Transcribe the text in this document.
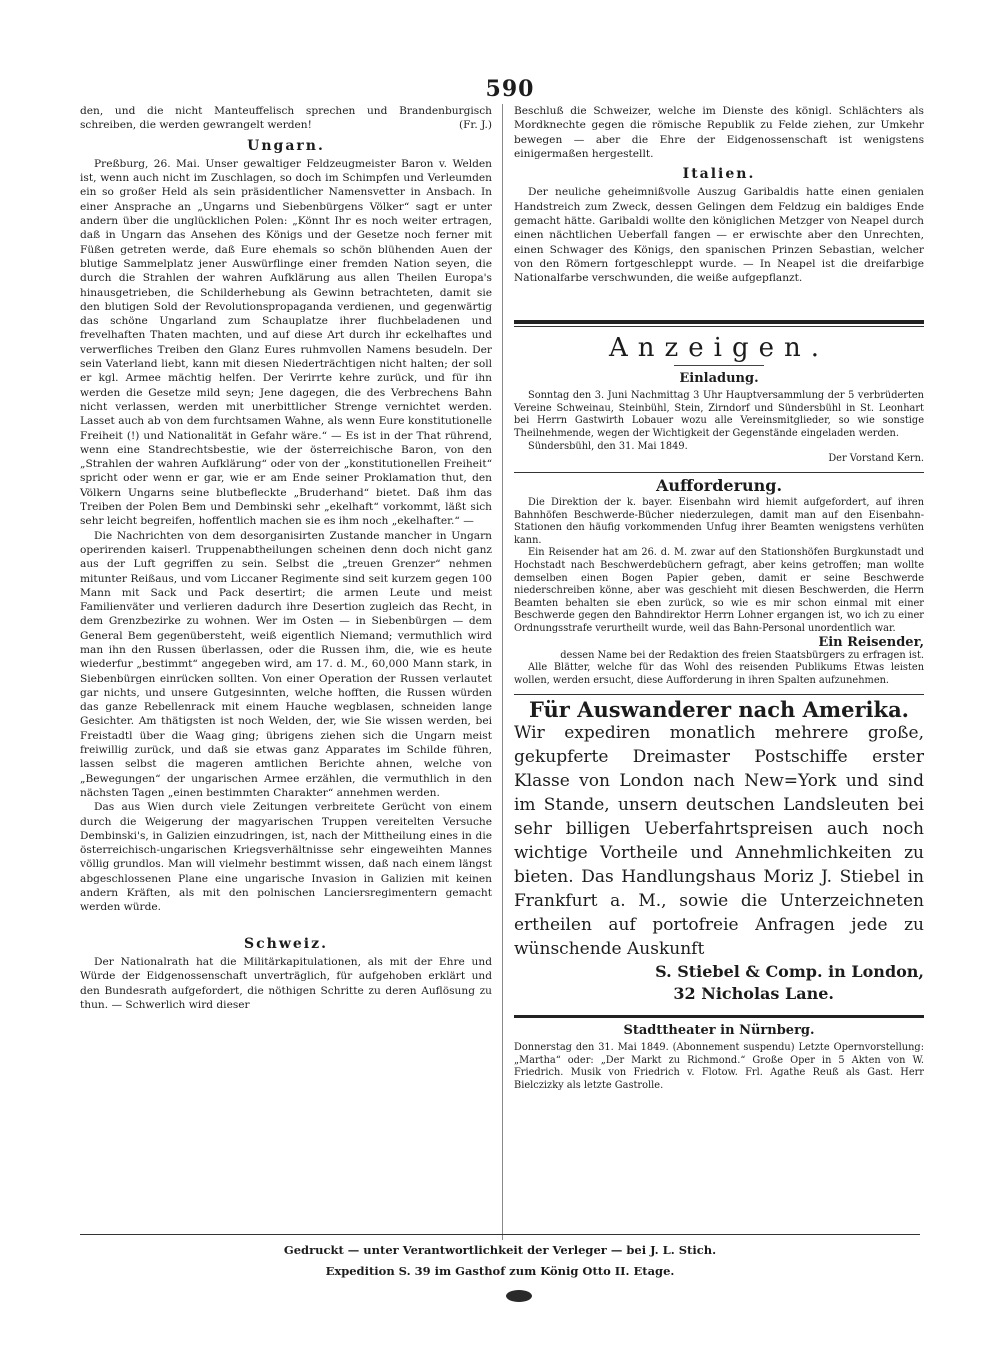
590

den, und die nicht Manteuffelisch sprechen und Brandenburgisch schreiben, die werden gewrangelt werden!	(Fr. J.)

Ungarn.

Preßburg, 26. Mai. Unser gewaltiger Feldzeugmeister Baron v. Welden ist, wenn auch nicht im Zuschlagen, so doch im Schimpfen und Verleumden ein so großer Held als sein präsidentlicher Namensvetter in Ansbach. In einer Ansprache an „Ungarns und Siebenbürgens Völker“ sagt er unter andern über die unglücklichen Polen: „Könnt Ihr es noch weiter ertragen, daß in Ungarn das Ansehen des Königs und der Gesetze noch ferner mit Füßen getreten werde, daß Eure ehemals so schön blühenden Auen der blutige Sammelplatz jener Auswürflinge einer fremden Nation seyen, die durch die Strahlen der wahren Aufklärung aus allen Theilen Europa's hinausgetrieben, die Schilderhebung als Gewinn betrachteten, damit sie den blutigen Sold der Revolutionspropaganda verdienen, und gegenwärtig das schöne Ungarland zum Schauplatze ihrer fluchbeladenen und frevelhaften Thaten machten, und auf diese Art durch ihr eckelhaftes und verwerfliches Treiben den Glanz Eures ruhmvollen Namens besudeln. Der sein Vaterland liebt, kann mit diesen Niederträchtigen nicht halten; der soll er kgl. Armee mächtig helfen. Der Verirrte kehre zurück, und für ihn werden die Gesetze mild seyn; Jene dagegen, die des Verbrechens Bahn nicht verlassen, werden mit unerbittlicher Strenge vernichtet werden. Lasset auch ab von dem furchtsamen Wahne, als wenn Eure konstitutionelle Freiheit (!) und Nationalität in Gefahr wäre.“ — Es ist in der That rührend, wenn eine Standrechtsbestie, wie der österreichische Baron, von den „Strahlen der wahren Aufklärung“ oder von der „konstitutionellen Freiheit“ spricht oder wenn er gar, wie er am Ende seiner Proklamation thut, den Völkern Ungarns seine blutbefleckte „Bruderhand“ bietet. Daß ihm das Treiben der Polen Bem und Dembinski sehr „ekelhaft“ vorkommt, läßt sich sehr leicht begreifen, hoffentlich machen sie es ihm noch „ekelhafter.“ —

Die Nachrichten von dem desorganisirten Zustande mancher in Ungarn operirenden kaiserl. Truppenabtheilungen scheinen denn doch nicht ganz aus der Luft gegriffen zu sein. Selbst die „treuen Grenzer“ nehmen mitunter Reißaus, und vom Liccaner Regimente sind seit kurzem gegen 100 Mann mit Sack und Pack desertirt; die armen Leute und meist Familienväter und verlieren dadurch ihre Desertion zugleich das Recht, in dem Grenzbezirke zu wohnen. Wer im Osten — in Siebenbürgen — dem General Bem gegenübersteht, weiß eigentlich Niemand; vermuthlich wird man ihn den Russen überlassen, oder die Russen ihm, die, wie es heute wiederfur „bestimmt“ angegeben wird, am 17. d. M., 60,000 Mann stark, in Siebenbürgen einrücken sollten. Von einer Operation der Russen verlautet gar nichts, und unsere Gutgesinnten, welche hofften, die Russen würden das ganze Rebellenrack mit einem Hauche wegblasen, schneiden lange Gesichter. Am thätigsten ist noch Welden, der, wie Sie wissen werden, bei Freistadtl über die Waag ging; übrigens ziehen sich die Ungarn meist freiwillig zurück, und daß sie etwas ganz Apparates im Schilde führen, lassen selbst die mageren amtlichen Berichte ahnen, welche von „Bewegungen“ der ungarischen Armee erzählen, die vermuthlich in den nächsten Tagen „einen bestimmten Charakter“ annehmen werden.

Das aus Wien durch viele Zeitungen verbreitete Gerücht von einem durch die Weigerung der magyarischen Truppen vereitelten Versuche Dembinski's, in Galizien einzudringen, ist, nach der Mittheilung eines in die österreichisch-ungarischen Kriegsverhältnisse sehr eingeweihten Mannes völlig grundlos. Man will vielmehr bestimmt wissen, daß nach einem längst abgeschlossenen Plane eine ungarische Invasion in Galizien mit keinen andern Kräften, als mit den polnischen Lanciersregimentern gemacht werden würde.

Schweiz.

Der Nationalrath hat die Militärkapitulationen, als mit der Ehre und Würde der Eidgenossenschaft unverträglich, für aufgehoben erklärt und den Bundesrath aufgefordert, die nöthigen Schritte zu deren Auflösung zu thun. — Schwerlich wird dieser

Beschluß die Schweizer, welche im Dienste des königl. Schlächters als Mordknechte gegen die römische Republik zu Felde ziehen, zur Umkehr bewegen — aber die Ehre der Eidgenossenschaft ist wenigstens einigermaßen hergestellt.

Italien.

Der neuliche geheimnißvolle Auszug Garibaldis hatte einen genialen Handstreich zum Zweck, dessen Gelingen dem Feldzug ein baldiges Ende gemacht hätte. Garibaldi wollte den königlichen Metzger von Neapel durch einen nächtlichen Ueberfall fangen — er erwischte aber den Unrechten, einen Schwager des Königs, den spanischen Prinzen Sebastian, welcher von den Römern fortgeschleppt wurde. — In Neapel ist die dreifarbige Nationalfarbe verschwunden, die weiße aufgepflanzt.

Anzeigen.
Einladung.

Sonntag den 3. Juni Nachmittag 3 Uhr Hauptversammlung der 5 verbrüderten Vereine Schweinau, Steinbühl, Stein, Zirndorf und Sündersbühl in St. Leonhart bei Herrn Gastwirth Lobauer wozu alle Vereinsmitglieder, so wie sonstige Theilnehmende, wegen der Wichtigkeit der Gegenstände eingeladen werden.

Sündersbühl, den 31. Mai 1849.

Der Vorstand Kern.

Aufforderung.

Die Direktion der k. bayer. Eisenbahn wird hiemit aufgefordert, auf ihren Bahnhöfen Beschwerde-Bücher niederzulegen, damit man auf den Eisenbahn-Stationen den häufig vorkommenden Unfug ihrer Beamten wenigstens verhüten kann.

Ein Reisender hat am 26. d. M. zwar auf den Stationshöfen Burgkunstadt und Hochstadt nach Beschwerdebüchern gefragt, aber keins getroffen; man wollte demselben einen Bogen Papier geben, damit er seine Beschwerde niederschreiben könne, aber was geschieht mit diesen Beschwerden, die Herrn Beamten behalten sie eben zurück, so wie es mir schon einmal mit einer Beschwerde gegen den Bahndirektor Herrn Lohner ergangen ist, wo ich zu einer Ordnungsstrafe verurtheilt wurde, weil das Bahn-Personal unordentlich war.

Ein Reisender,

dessen Name bei der Redaktion des freien Staatsbürgers zu erfragen ist.

Alle Blätter, welche für das Wohl des reisenden Publikums Etwas leisten wollen, werden ersucht, diese Aufforderung in ihren Spalten aufzunehmen.

Für Auswanderer nach Amerika.

Wir expediren monatlich mehrere große, gekupferte Dreimaster Postschiffe erster Klasse von London nach New=York und sind im Stande, unsern deutschen Landsleuten bei sehr billigen Ueberfahrtspreisen auch noch wichtige Vortheile und Annehmlichkeiten zu bieten. Das Handlungshaus Moriz J. Stiebel in Frankfurt a. M., sowie die Unterzeichneten ertheilen auf portofreie Anfragen jede zu wünschende Auskunft

S. Stiebel & Comp. in London,

32 Nicholas Lane.

Stadttheater in Nürnberg.

Donnerstag den 31. Mai 1849. (Abonnement suspendu) Letzte Opernvorstellung: „Martha“ oder: „Der Markt zu Richmond.“ Große Oper in 5 Akten von W. Friedrich. Musik von Friedrich v. Flotow. Frl. Agathe Reuß als Gast. Herr Bielczizky als letzte Gastrolle.

Gedruckt — unter Verantwortlichkeit der Verleger — bei J. L. Stich.
Expedition S. 39 im Gasthof zum König Otto II. Etage.
